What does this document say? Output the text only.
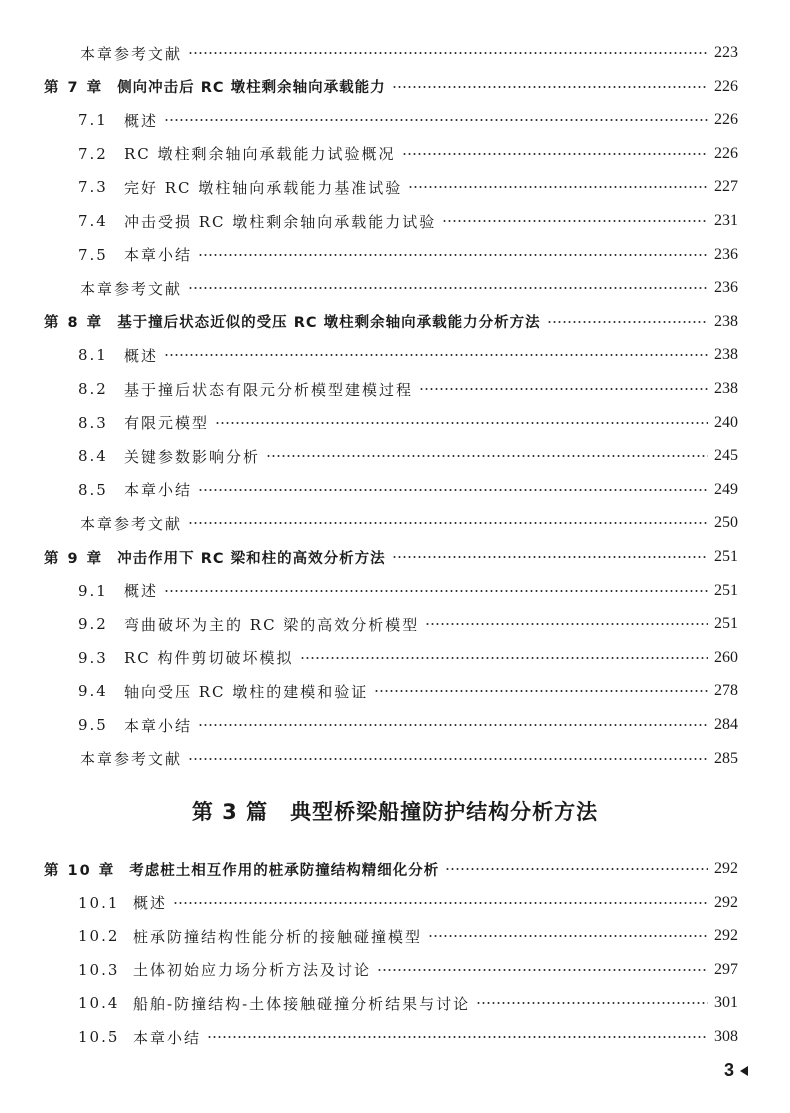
本章参考文献	223
第 7 章 侧向冲击后 RC 墩柱剩余轴向承载能力	226
7.1	概述	226
7.2	RC 墩柱剩余轴向承载能力试验概况	226
7.3	完好 RC 墩柱轴向承载能力基准试验	227
7.4	冲击受损 RC 墩柱剩余轴向承载能力试验	231
7.5	本章小结	236
本章参考文献	236
第 8 章 基于撞后状态近似的受压 RC 墩柱剩余轴向承载能力分析方法	238
8.1	概述	238
8.2	基于撞后状态有限元分析模型建模过程	238
8.3	有限元模型	240
8.4	关键参数影响分析	245
8.5	本章小结	249
本章参考文献	250
第 9 章 冲击作用下 RC 梁和柱的高效分析方法	251
9.1	概述	251
9.2	弯曲破坏为主的 RC 梁的高效分析模型	251
9.3	RC 构件剪切破坏模拟	260
9.4	轴向受压 RC 墩柱的建模和验证	278
9.5	本章小结	284
本章参考文献	285
第 3 篇 典型桥梁船撞防护结构分析方法
第 10 章 考虑桩土相互作用的桩承防撞结构精细化分析	292
10.1 概述	292
10.2 桩承防撞结构性能分析的接触碰撞模型	292
10.3 土体初始应力场分析方法及讨论	297
10.4 船舶-防撞结构-土体接触碰撞分析结果与讨论	301
10.5 本章小结	308
3
